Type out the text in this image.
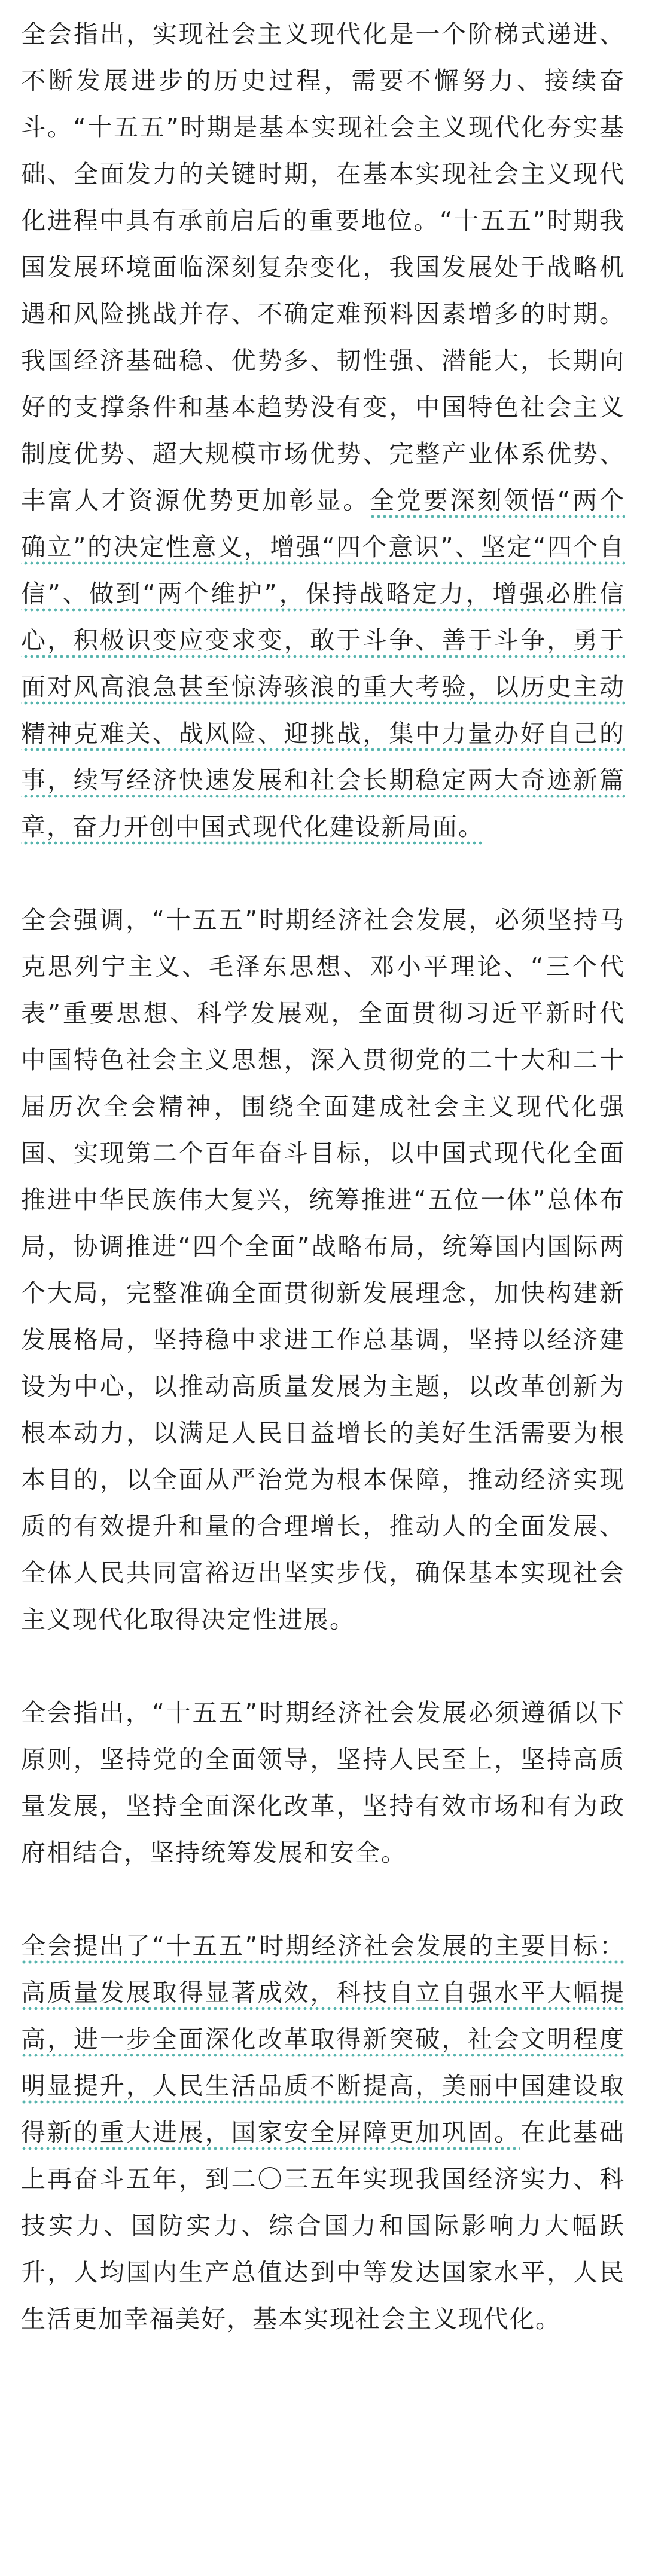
全会指出，实现社会主义现代化是一个阶梯式递进、不断发展进步的历史过程，需要不懈努力、接续奋斗。“十五五”时期是基本实现社会主义现代化夯实基础、全面发力的关键时期，在基本实现社会主义现代化进程中具有承前启后的重要地位。“十五五”时期我国发展环境面临深刻复杂变化，我国发展处于战略机遇和风险挑战并存、不确定难预料因素增多的时期。我国经济基础稳、优势多、韧性强、潜能大，长期向好的支撑条件和基本趋势没有变，中国特色社会主义制度优势、超大规模市场优势、完整产业体系优势、丰富人才资源优势更加彰显。全党要深刻领悟“两个确立”的决定性意义，增强“四个意识”、坚定“四个自信”、做到“两个维护”，保持战略定力，增强必胜信心，积极识变应变求变，敢于斗争、善于斗争，勇于面对风高浪急甚至惊涛骇浪的重大考验，以历史主动精神克难关、战风险、迎挑战，集中力量办好自己的事，续写经济快速发展和社会长期稳定两大奇迹新篇章，奋力开创中国式现代化建设新局面。

全会强调，“十五五”时期经济社会发展，必须坚持马克思列宁主义、毛泽东思想、邓小平理论、“三个代表”重要思想、科学发展观，全面贯彻习近平新时代中国特色社会主义思想，深入贯彻党的二十大和二十届历次全会精神，围绕全面建成社会主义现代化强国、实现第二个百年奋斗目标，以中国式现代化全面推进中华民族伟大复兴，统筹推进“五位一体”总体布局，协调推进“四个全面”战略布局，统筹国内国际两个大局，完整准确全面贯彻新发展理念，加快构建新发展格局，坚持稳中求进工作总基调，坚持以经济建设为中心，以推动高质量发展为主题，以改革创新为根本动力，以满足人民日益增长的美好生活需要为根本目的，以全面从严治党为根本保障，推动经济实现质的有效提升和量的合理增长，推动人的全面发展、全体人民共同富裕迈出坚实步伐，确保基本实现社会主义现代化取得决定性进展。

全会指出，“十五五”时期经济社会发展必须遵循以下原则，坚持党的全面领导，坚持人民至上，坚持高质量发展，坚持全面深化改革，坚持有效市场和有为政府相结合，坚持统筹发展和安全。

全会提出了“十五五”时期经济社会发展的主要目标：高质量发展取得显著成效，科技自立自强水平大幅提高，进一步全面深化改革取得新突破，社会文明程度明显提升，人民生活品质不断提高，美丽中国建设取得新的重大进展，国家安全屏障更加巩固。在此基础上再奋斗五年，到二〇三五年实现我国经济实力、科技实力、国防实力、综合国力和国际影响力大幅跃升，人均国内生产总值达到中等发达国家水平，人民生活更加幸福美好，基本实现社会主义现代化。
